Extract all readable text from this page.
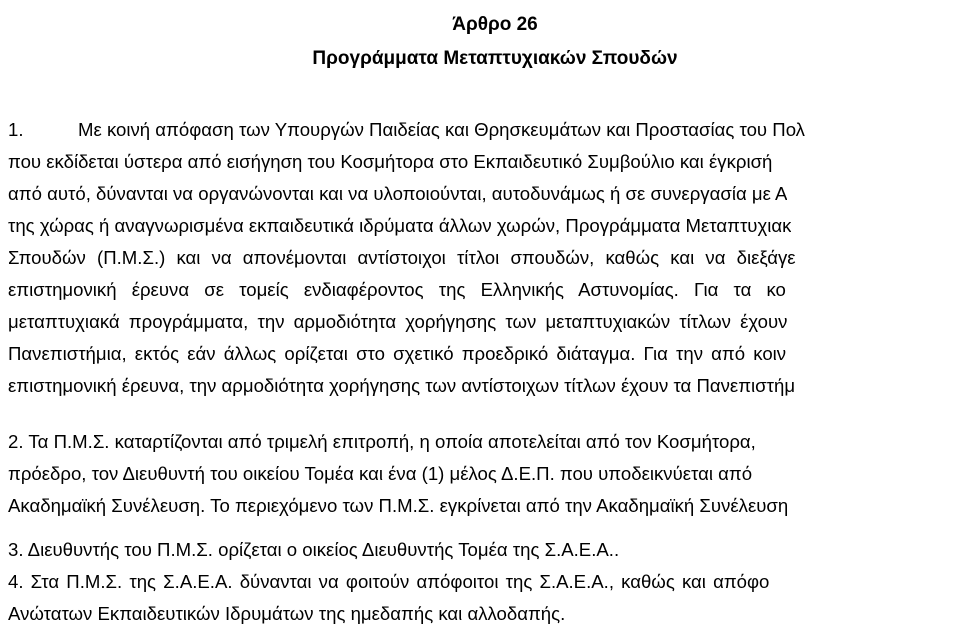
Άρθρο 26
Προγράμματα Μεταπτυχιακών Σπουδών
1.	Με κοινή απόφαση των Υπουργών Παιδείας και Θρησκευμάτων και Προστασίας του Πολ
που εκδίδεται ύστερα από εισήγηση του Κοσμήτορα στο Εκπαιδευτικό Συμβούλιο και έγκρισή
από αυτό, δύνανται να οργανώνονται και να υλοποιούνται, αυτοδυνάμως ή σε συνεργασία με Α
της χώρας ή αναγνωρισμένα εκπαιδευτικά ιδρύματα άλλων χωρών, Προγράμματα Μεταπτυχιακ
Σπουδών (Π.Μ.Σ.) και να απονέμονται αντίστοιχοι τίτλοι σπουδών, καθώς και να διεξάγε
επιστημονική έρευνα σε τομείς ενδιαφέροντος της Ελληνικής Αστυνομίας. Για τα κο
μεταπτυχιακά προγράμματα, την αρμοδιότητα χορήγησης των μεταπτυχιακών τίτλων έχουν
Πανεπιστήμια, εκτός εάν άλλως ορίζεται στο σχετικό προεδρικό διάταγμα. Για την από κοιν
επιστημονική έρευνα, την αρμοδιότητα χορήγησης των αντίστοιχων τίτλων έχουν τα Πανεπιστήμ
2. Τα Π.Μ.Σ. καταρτίζονται από τριμελή επιτροπή, η οποία αποτελείται από τον Κοσμήτορα,
πρόεδρο, τον Διευθυντή του οικείου Τομέα και ένα (1) μέλος Δ.Ε.Π. που υποδεικνύεται από
Ακαδημαϊκή Συνέλευση. Το περιεχόμενο των Π.Μ.Σ. εγκρίνεται από την Ακαδημαϊκή Συνέλευση
3. Διευθυντής του Π.Μ.Σ. ορίζεται ο οικείος Διευθυντής Τομέα της Σ.Α.Ε.Α..
4. Στα Π.Μ.Σ. της Σ.Α.Ε.Α. δύνανται να φοιτούν απόφοιτοι της Σ.Α.Ε.Α., καθώς και απόφο
Ανώτατων Εκπαιδευτικών Ιδρυμάτων της ημεδαπής και αλλοδαπής.
